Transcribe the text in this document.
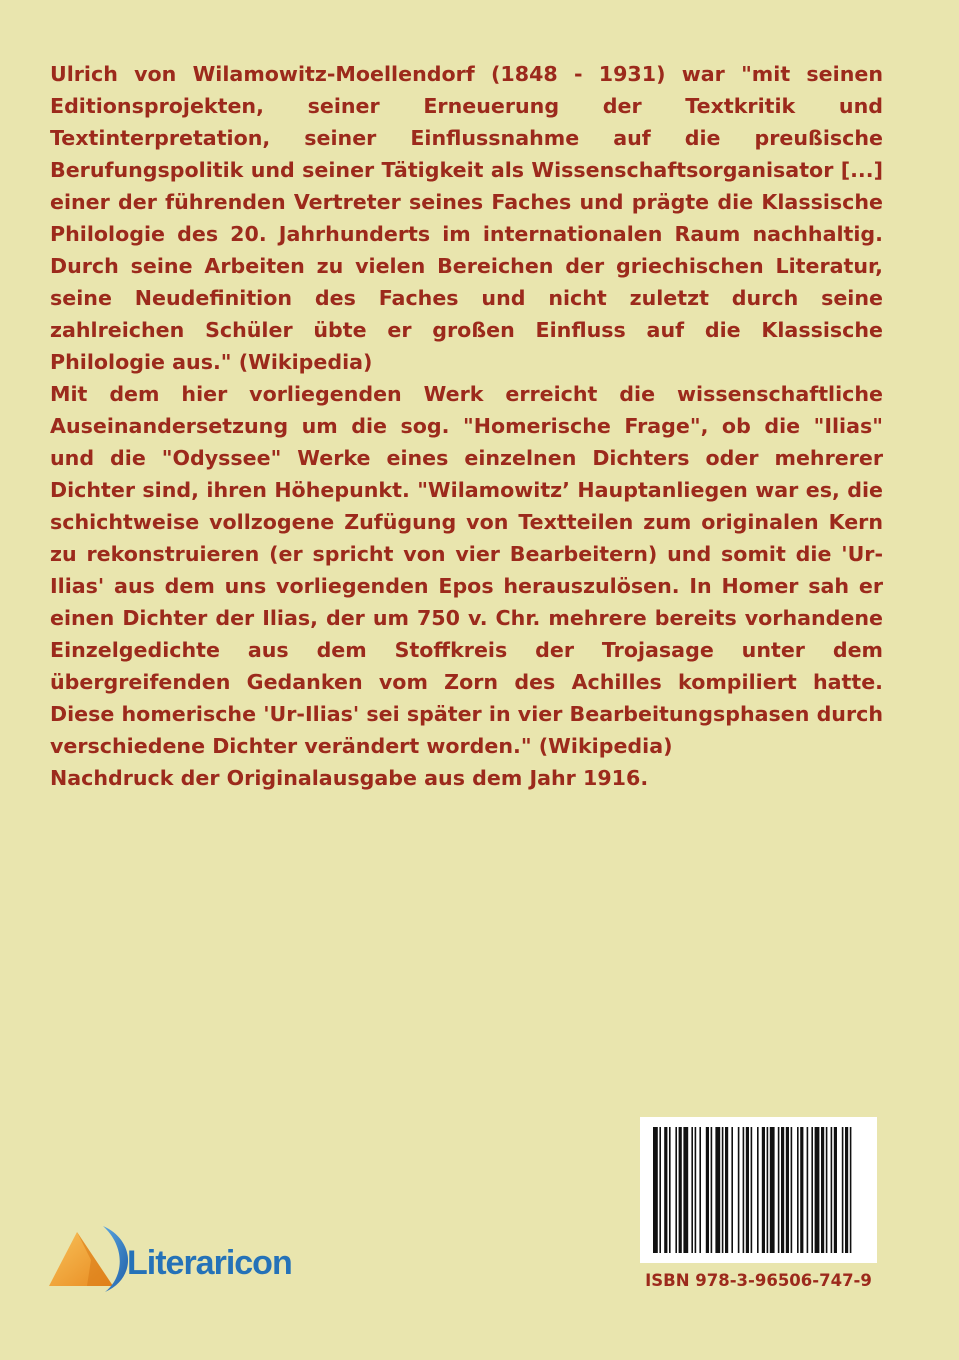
Ulrich von Wilamowitz-Moellendorf (1848 - 1931) war "mit seinen Editionsprojekten, seiner Erneuerung der Textkritik und Textinterpretation, seiner Einflussnahme auf die preußische Berufungspolitik und seiner Tätigkeit als Wissenschaftsorganisator [...] einer der führenden Vertreter seines Faches und prägte die Klassische Philologie des 20. Jahrhunderts im internationalen Raum nachhaltig. Durch seine Arbeiten zu vielen Bereichen der griechischen Literatur, seine Neudefinition des Faches und nicht zuletzt durch seine zahlreichen Schüler übte er großen Einfluss auf die Klassische Philologie aus." (Wikipedia)

Mit dem hier vorliegenden Werk erreicht die wissenschaftliche Auseinandersetzung um die sog. "Homerische Frage", ob die "Ilias" und die "Odyssee" Werke eines einzelnen Dichters oder mehrerer Dichter sind, ihren Höhepunkt. "Wilamowitz’ Hauptanliegen war es, die schichtweise vollzogene Zufügung von Textteilen zum originalen Kern zu rekonstruieren (er spricht von vier Bearbeitern) und somit die 'Ur-Ilias' aus dem uns vorliegenden Epos herauszulösen. In Homer sah er einen Dichter der Ilias, der um 750 v. Chr. mehrere bereits vorhandene Einzelgedichte aus dem Stoffkreis der Trojasage unter dem übergreifenden Gedanken vom Zorn des Achilles kompiliert hatte. Diese homerische 'Ur-Ilias' sei später in vier Bearbeitungsphasen durch verschiedene Dichter verändert worden." (Wikipedia)

Nachdruck der Originalausgabe aus dem Jahr 1916.

ISBN 978-3-96506-747-9
Literaricon
